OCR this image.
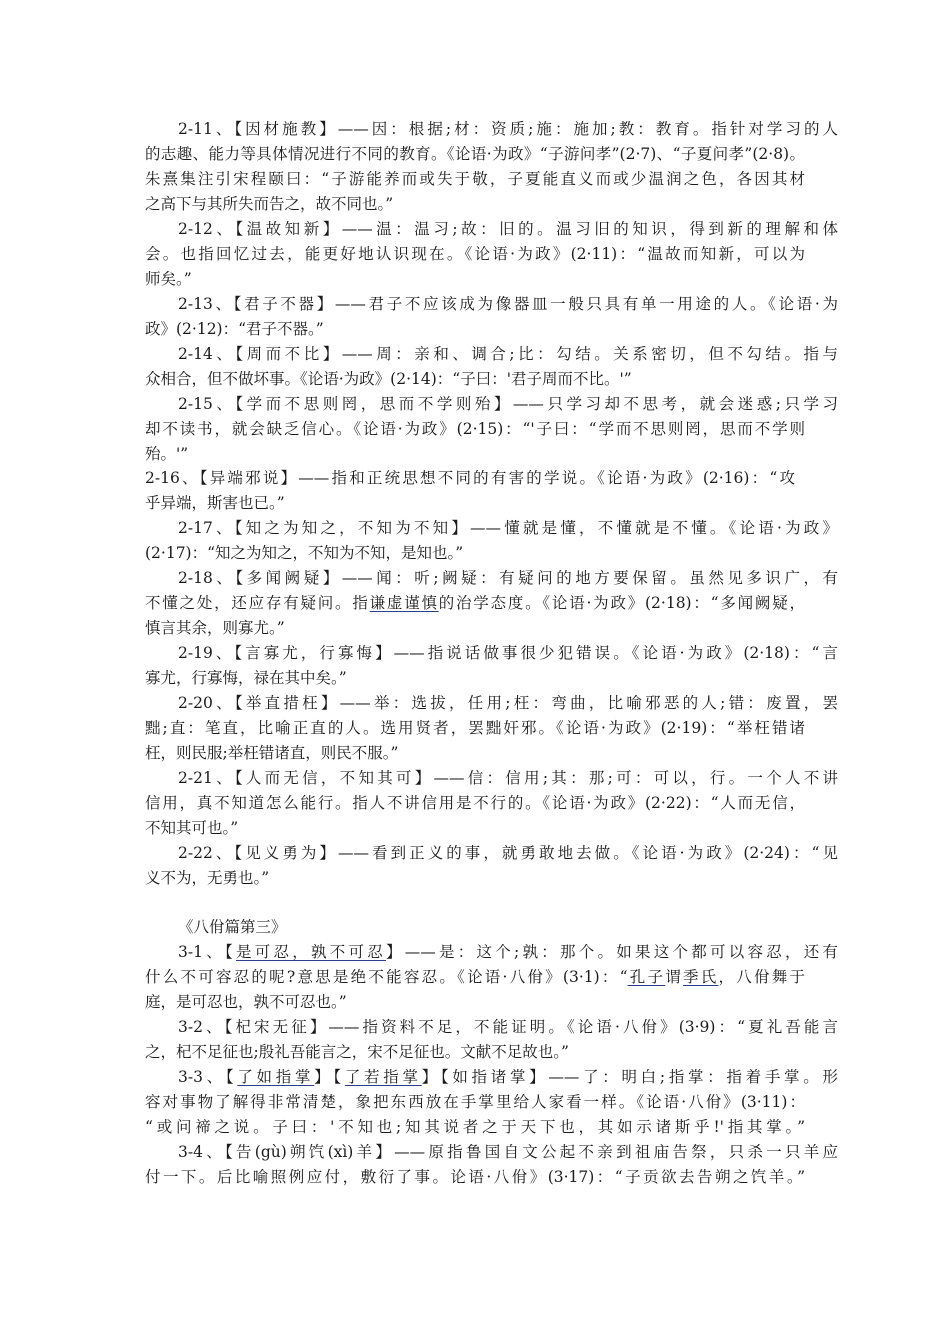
2-11、【因材施教】——因：根据;材：资质;施：施加;教：教育。指针对学习的人
的志趣、能力等具体情况进行不同的教育。《论语·为政》“子游问孝”(2·7)、“子夏问孝”(2·8)。
朱熹集注引宋程颐曰：“子游能养而或失于敬，子夏能直义而或少温润之色，各因其材
之高下与其所失而告之，故不同也。”
2-12、【温故知新】——温：温习;故：旧的。温习旧的知识，得到新的理解和体
会。也指回忆过去，能更好地认识现在。《论语·为政》(2·11)：“温故而知新，可以为
师矣。”
2-13、【君子不器】——君子不应该成为像器皿一般只具有单一用途的人。《论语·为
政》(2·12)：“君子不器。”
2-14、【周而不比】——周：亲和、调合;比：勾结。关系密切，但不勾结。指与
众相合，但不做坏事。《论语·为政》(2·14)：“子曰：'君子周而不比。'”
2-15、【学而不思则罔，思而不学则殆】——只学习却不思考，就会迷惑;只学习
却不读书，就会缺乏信心。《论语·为政》(2·15)：“'子曰：“学而不思则罔，思而不学则
殆。'”
2-16、【异端邪说】——指和正统思想不同的有害的学说。《论语·为政》(2·16)：“攻
乎异端，斯害也已。”
2-17、【知之为知之，不知为不知】——懂就是懂，不懂就是不懂。《论语·为政》
(2·17)：“知之为知之，不知为不知，是知也。”
2-18、【多闻阙疑】——闻：听;阙疑：有疑问的地方要保留。虽然见多识广，有
不懂之处，还应存有疑问。指谦虚谨慎的治学态度。《论语·为政》(2·18)：“多闻阙疑，
慎言其余，则寡尤。”
2-19、【言寡尤，行寡悔】——指说话做事很少犯错误。《论语·为政》(2·18)：“言
寡尤，行寡悔，禄在其中矣。”
2-20、【举直措枉】——举：选拔，任用;枉：弯曲，比喻邪恶的人;错：废置，罢
黜;直：笔直，比喻正直的人。选用贤者，罢黜奸邪。《论语·为政》(2·19)：“举枉错诸
枉，则民服;举枉错诸直，则民不服。”
2-21、【人而无信，不知其可】——信：信用;其：那;可：可以，行。一个人不讲
信用，真不知道怎么能行。指人不讲信用是不行的。《论语·为政》(2·22)：“人而无信，
不知其可也。”
2-22、【见义勇为】——看到正义的事，就勇敢地去做。《论语·为政》(2·24)：“见
义不为，无勇也。”
《八佾篇第三》
3-1、【是可忍，孰不可忍】——是：这个;孰：那个。如果这个都可以容忍，还有
什么不可容忍的呢?意思是绝不能容忍。《论语·八佾》(3·1)：“孔子谓季氏，八佾舞于
庭，是可忍也，孰不可忍也。”
3-2、【杞宋无征】——指资料不足，不能证明。《论语·八佾》(3·9)：“夏礼吾能言
之，杞不足征也;殷礼吾能言之，宋不足征也。文献不足故也。”
3-3、【了如指掌】【了若指掌】【如指诸掌】——了：明白;指掌：指着手掌。形
容对事物了解得非常清楚，象把东西放在手掌里给人家看一样。《论语·八佾》(3·11)：
“或问禘之说。子曰：'不知也;知其说者之于天下也，其如示诸斯乎!'指其掌。”
3-4、【告(gù)朔饩(xì)羊】——原指鲁国自文公起不亲到祖庙告祭，只杀一只羊应
付一下。后比喻照例应付，敷衍了事。论语·八佾》(3·17)：“子贡欲去告朔之饩羊。”
